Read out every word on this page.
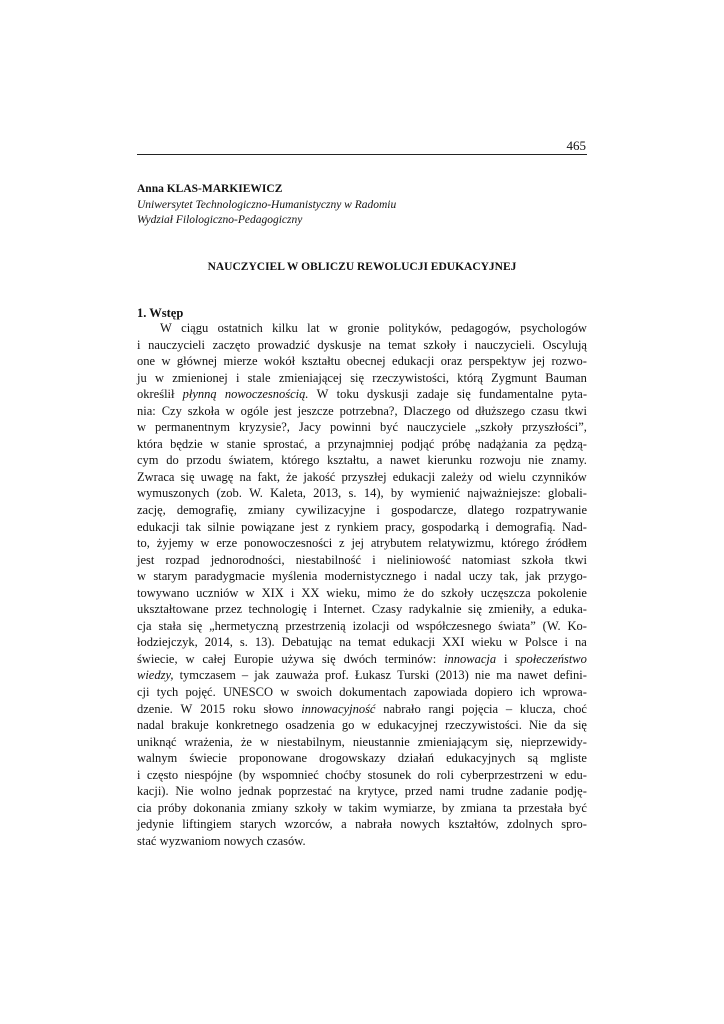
465
Anna KLAS-MARKIEWICZ
Uniwersytet Technologiczno-Humanistyczny w Radomiu
Wydział Filologiczno-Pedagogiczny
NAUCZYCIEL W OBLICZU REWOLUCJI EDUKACYJNEJ
1. Wstęp
W ciągu ostatnich kilku lat w gronie polityków, pedagogów, psychologów
i nauczycieli zaczęto prowadzić dyskusje na temat szkoły i nauczycieli. Oscylują
one w głównej mierze wokół kształtu obecnej edukacji oraz perspektyw jej rozwo-
ju w zmienionej i stale zmieniającej się rzeczywistości, którą Zygmunt Bauman
określił płynną nowoczesnością. W toku dyskusji zadaje się fundamentalne pyta-
nia: Czy szkoła w ogóle jest jeszcze potrzebna?, Dlaczego od dłuższego czasu tkwi
w permanentnym kryzysie?, Jacy powinni być nauczyciele „szkoły przyszłości”,
która będzie w stanie sprostać, a przynajmniej podjąć próbę nadążania za pędzą-
cym do przodu światem, którego kształtu, a nawet kierunku rozwoju nie znamy.
Zwraca się uwagę na fakt, że jakość przyszłej edukacji zależy od wielu czynników
wymuszonych (zob. W. Kaleta, 2013, s. 14), by wymienić najważniejsze: globali-
zację, demografię, zmiany cywilizacyjne i gospodarcze, dlatego rozpatrywanie
edukacji tak silnie powiązane jest z rynkiem pracy, gospodarką i demografią. Nad-
to, żyjemy w erze ponowoczesności z jej atrybutem relatywizmu, którego źródłem
jest rozpad jednorodności, niestabilność i nieliniowość natomiast szkoła tkwi
w starym paradygmacie myślenia modernistycznego i nadal uczy tak, jak przygo-
towywano uczniów w XIX i XX wieku, mimo że do szkoły uczęszcza pokolenie
ukształtowane przez technologię i Internet. Czasy radykalnie się zmieniły, a eduka-
cja stała się „hermetyczną przestrzenią izolacji od współczesnego świata” (W. Ko-
łodziejczyk, 2014, s. 13). Debatując na temat edukacji XXI wieku w Polsce i na
świecie, w całej Europie używa się dwóch terminów: innowacja i społeczeństwo
wiedzy, tymczasem – jak zauważa prof. Łukasz Turski (2013) nie ma nawet defini-
cji tych pojęć. UNESCO w swoich dokumentach zapowiada dopiero ich wprowa-
dzenie. W 2015 roku słowo innowacyjność nabrało rangi pojęcia – klucza, choć
nadal brakuje konkretnego osadzenia go w edukacyjnej rzeczywistości. Nie da się
uniknąć wrażenia, że w niestabilnym, nieustannie zmieniającym się, nieprzewidy-
walnym świecie proponowane drogowskazy działań edukacyjnych są mgliste
i często niespójne (by wspomnieć choćby stosunek do roli cyberprzestrzeni w edu-
kacji). Nie wolno jednak poprzestać na krytyce, przed nami trudne zadanie podję-
cia próby dokonania zmiany szkoły w takim wymiarze, by zmiana ta przestała być
jedynie liftingiem starych wzorców, a nabrała nowych kształtów, zdolnych spro-
stać wyzwaniom nowych czasów.
